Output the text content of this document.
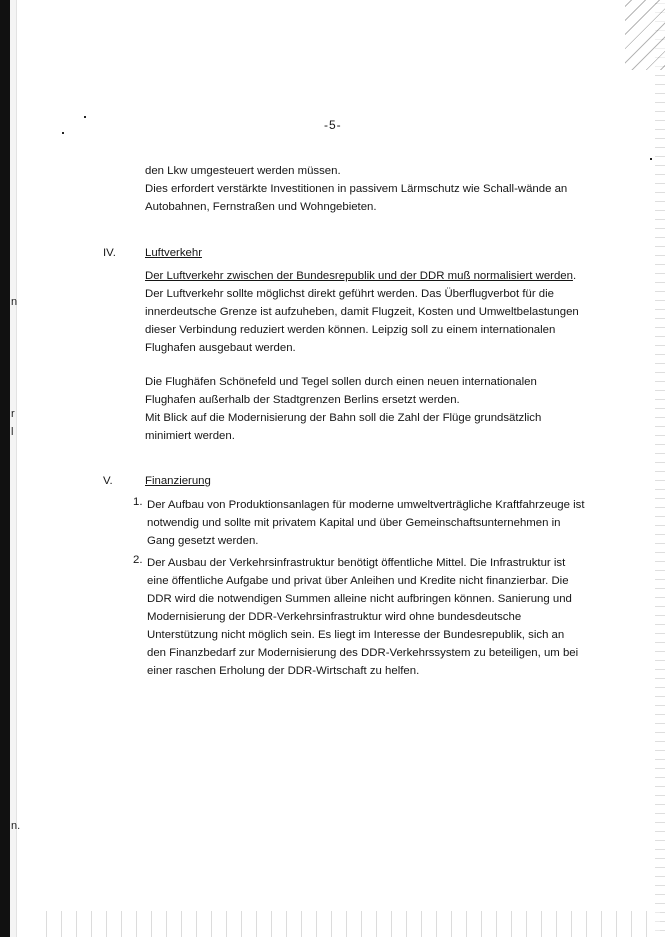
n
r
l
n.
-5-

den Lkw umgesteuert werden müssen.

Dies erfordert verstärkte Investitionen in passivem Lärmschutz wie Schall-wände an Autobahnen, Fernstraßen und Wohngebieten.

IV.	Luftverkehr

Der Luftverkehr zwischen der Bundesrepublik und der DDR muß normalisiert werden. Der Luftverkehr sollte möglichst direkt geführt werden. Das Überflugverbot für die innerdeutsche Grenze ist aufzuheben, damit Flugzeit, Kosten und Umweltbelastungen dieser Verbindung reduziert werden können. Leipzig soll zu einem internationalen Flughafen ausgebaut werden.

Die Flughäfen Schönefeld und Tegel sollen durch einen neuen internationalen Flughafen außerhalb der Stadtgrenzen Berlins ersetzt werden.

Mit Blick auf die Modernisierung der Bahn soll die Zahl der Flüge grundsätzlich minimiert werden.

V.	Finanzierung
1. Der Aufbau von Produktionsanlagen für moderne umweltverträgliche Kraftfahrzeuge ist notwendig und sollte mit privatem Kapital und über Gemeinschaftsunternehmen in Gang gesetzt werden.
2. Der Ausbau der Verkehrsinfrastruktur benötigt öffentliche Mittel. Die Infrastruktur ist eine öffentliche Aufgabe und privat über Anleihen und Kredite nicht finanzierbar. Die DDR wird die notwendigen Summen alleine nicht aufbringen können. Sanierung und Modernisierung der DDR-Verkehrsinfrastruktur wird ohne bundesdeutsche Unterstützung nicht möglich sein. Es liegt im Interesse der Bundesrepublik, sich an den Finanzbedarf zur Modernisierung des DDR-Verkehrssystem zu beteiligen, um bei einer raschen Erholung der DDR-Wirtschaft zu helfen.
